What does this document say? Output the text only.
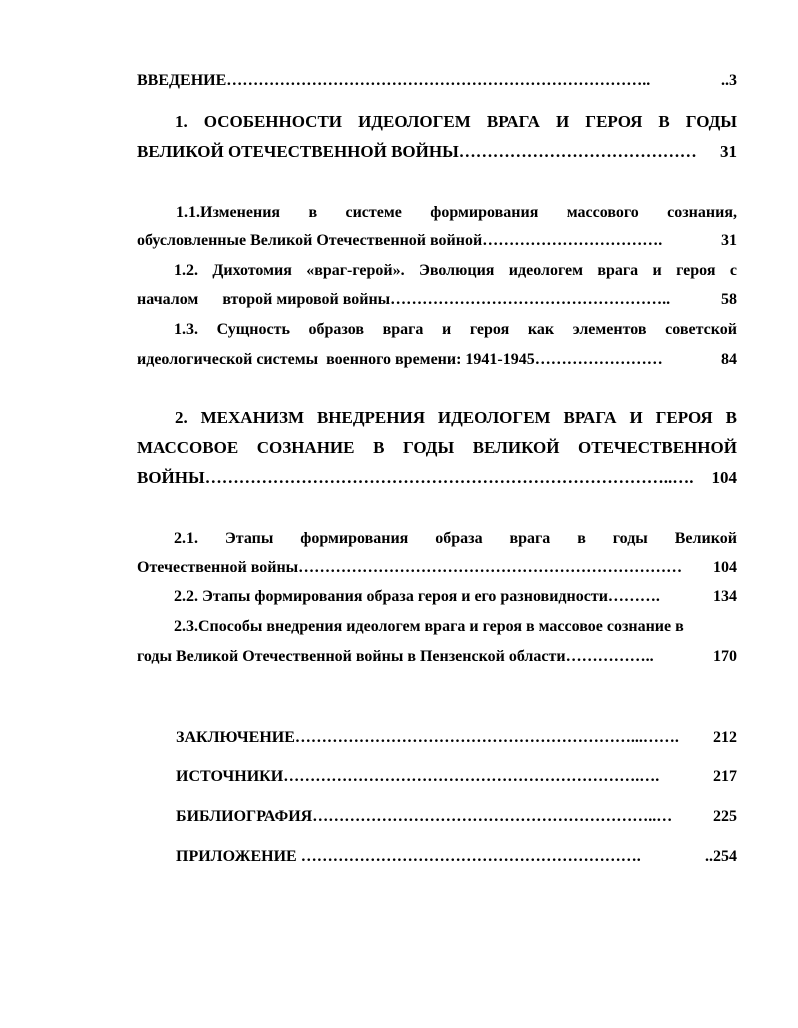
ВВЕДЕНИЕ ……………………………………………………………………..	..3
1. ОСОБЕННОСТИ ИДЕОЛОГЕМ ВРАГА И ГЕРОЯ В ГОДЫ
ВЕЛИКОЙ ОТЕЧЕСТВЕННОЙ ВОЙНЫ ……………………………………	31
1.1.Изменения в системе формирования массового сознания,
обусловленные Великой Отечественной войной …………………………….	31
1.2. Дихотомия «враг-герой». Эволюция идеологем врага и героя с
началом      второй мировой войны ……………………………………………..	58
1.3. Сущность образов врага и героя как элементов советской
идеологической системы  военного времени: 1941-1945 ……………………	84
2. МЕХАНИЗМ ВНЕДРЕНИЯ ИДЕОЛОГЕМ ВРАГА И ГЕРОЯ В
МАССОВОЕ СОЗНАНИЕ В ГОДЫ ВЕЛИКОЙ ОТЕЧЕСТВЕННОЙ
ВОЙНЫ ………………………………………………………………………..….	104
2.1. Этапы формирования образа врага в годы Великой
Отечественной войны ………………………………………………………………	104
2.2. Этапы формирования образа героя и его разновидности ……….	134
2.3.Способы внедрения идеологем врага и героя в массовое сознание в
годы Великой Отечественной войны в Пензенской области ……………..	170
ЗАКЛЮЧЕНИЕ ………………………………………………………...…….	212
ИСТОЧНИКИ ………………………………………………………….….	217
БИБЛИОГРАФИЯ ………………………………………………………..…	225
ПРИЛОЖЕНИЕ ……………………………………………………….	..254
